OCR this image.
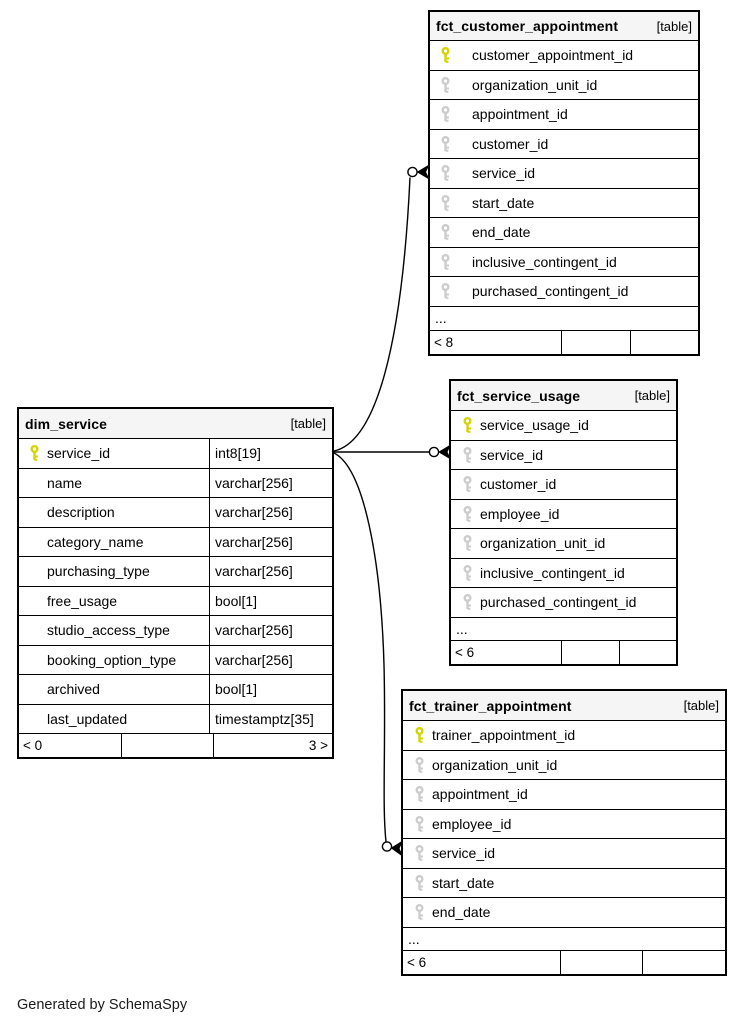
fct_customer_appointment	[table]
customer_appointment_id
organization_unit_id
appointment_id
customer_id
service_id
start_date
end_date
inclusive_contingent_id
purchased_contingent_id
...
< 8
dim_service	[table]
service_id	int8[19]
name	varchar[256]
description	varchar[256]
category_name	varchar[256]
purchasing_type	varchar[256]
free_usage	bool[1]
studio_access_type	varchar[256]
booking_option_type	varchar[256]
archived	bool[1]
last_updated	timestamptz[35]
< 0	3 >
fct_service_usage	[table]
service_usage_id
service_id
customer_id
employee_id
organization_unit_id
inclusive_contingent_id
purchased_contingent_id
...
< 6
fct_trainer_appointment	[table]
trainer_appointment_id
organization_unit_id
appointment_id
employee_id
service_id
start_date
end_date
...
< 6
Generated by SchemaSpy
